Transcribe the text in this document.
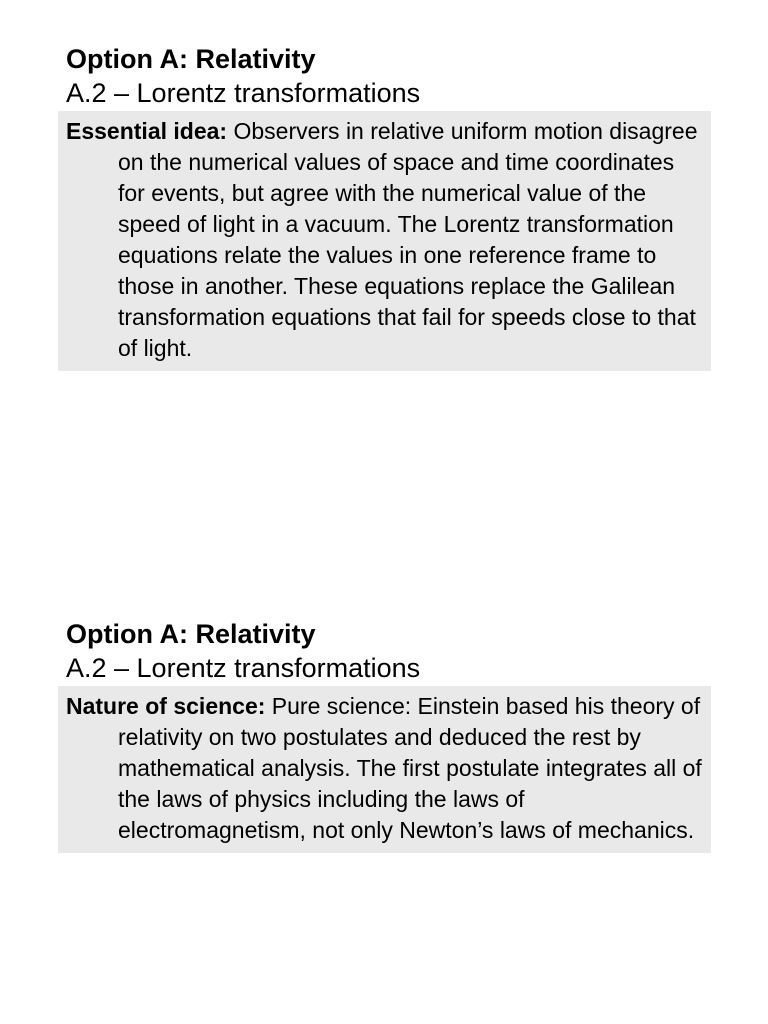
Option A: Relativity
A.2 – Lorentz transformations

Essential idea: Observers in relative uniform motion disagree on the numerical values of space and time coordinates for events, but agree with the numerical value of the speed of light in a vacuum. The Lorentz transformation equations relate the values in one reference frame to those in another. These equations replace the Galilean transformation equations that fail for speeds close to that of light.

Option A: Relativity
A.2 – Lorentz transformations

Nature of science: Pure science: Einstein based his theory of relativity on two postulates and deduced the rest by mathematical analysis. The first postulate integrates all of the laws of physics including the laws of electromagnetism, not only Newton’s laws of mechanics.
